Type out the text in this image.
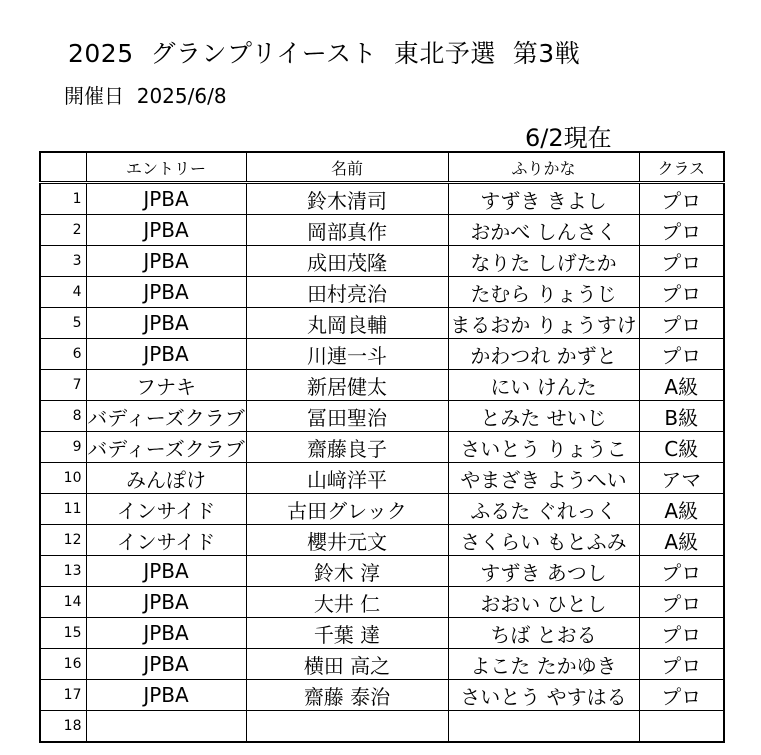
2025  グランプリイースト  東北予選  第3戦
開催日  2025/6/8
6/2現在
	エントリー	名前	ふりかな	クラス
1	JPBA	鈴木清司	すずき きよし	プロ
2	JPBA	岡部真作	おかべ しんさく	プロ
3	JPBA	成田茂隆	なりた しげたか	プロ
4	JPBA	田村亮治	たむら りょうじ	プロ
5	JPBA	丸岡良輔	まるおか りょうすけ	プロ
6	JPBA	川連一斗	かわつれ かずと	プロ
7	フナキ	新居健太	にい けんた	A級
8	バディーズクラブ	冨田聖治	とみた せいじ	B級
9	バディーズクラブ	齋藤良子	さいとう りょうこ	C級
10	みんぽけ	山﨑洋平	やまざき ようへい	アマ
11	インサイド	古田グレック	ふるた ぐれっく	A級
12	インサイド	櫻井元文	さくらい もとふみ	A級
13	JPBA	鈴木 淳	すずき あつし	プロ
14	JPBA	大井 仁	おおい ひとし	プロ
15	JPBA	千葉 達	ちば とおる	プロ
16	JPBA	横田 高之	よこた たかゆき	プロ
17	JPBA	齋藤 泰治	さいとう やすはる	プロ
18				
